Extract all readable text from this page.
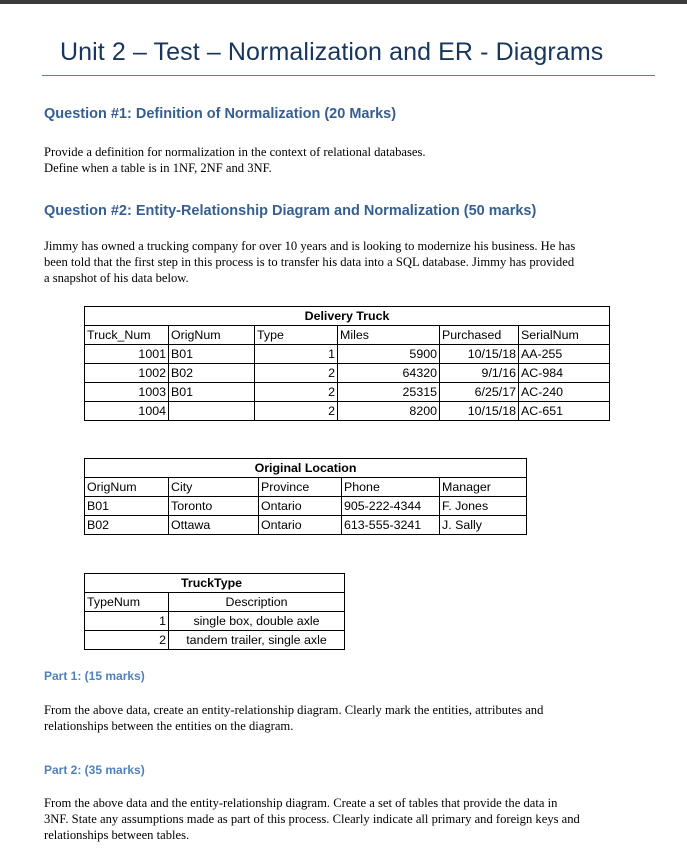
Unit 2 – Test – Normalization and ER - Diagrams
Question #1: Definition of Normalization (20 Marks)

Provide a definition for normalization in the context of relational databases.
Define when a table is in 1NF, 2NF and 3NF.

Question #2: Entity-Relationship Diagram and Normalization (50 marks)

Jimmy has owned a trucking company for over 10 years and is looking to modernize his business. He has
been told that the first step in this process is to transfer his data into a SQL database. Jimmy has provided
a snapshot of his data below.

Delivery Truck					
Truck_Num	OrigNum	Type	Miles	Purchased	SerialNum
1001	B01	1	5900	10/15/18	AA-255
1002	B02	2	64320	9/1/16	AC-984
1003	B01	2	25315	6/25/17	AC-240
1004		2	8200	10/15/18	AC-651
Original Location				
OrigNum	City	Province	Phone	Manager
B01	Toronto	Ontario	905-222-4344	F. Jones
B02	Ottawa	Ontario	613-555-3241	J. Sally
TruckType	
TypeNum	Description
1	single box, double axle
2	tandem trailer, single axle
Part 1: (15 marks)

From the above data, create an entity-relationship diagram. Clearly mark the entities, attributes and
relationships between the entities on the diagram.

Part 2: (35 marks)

From the above data and the entity-relationship diagram. Create a set of tables that provide the data in
3NF. State any assumptions made as part of this process. Clearly indicate all primary and foreign keys and
relationships between tables.
